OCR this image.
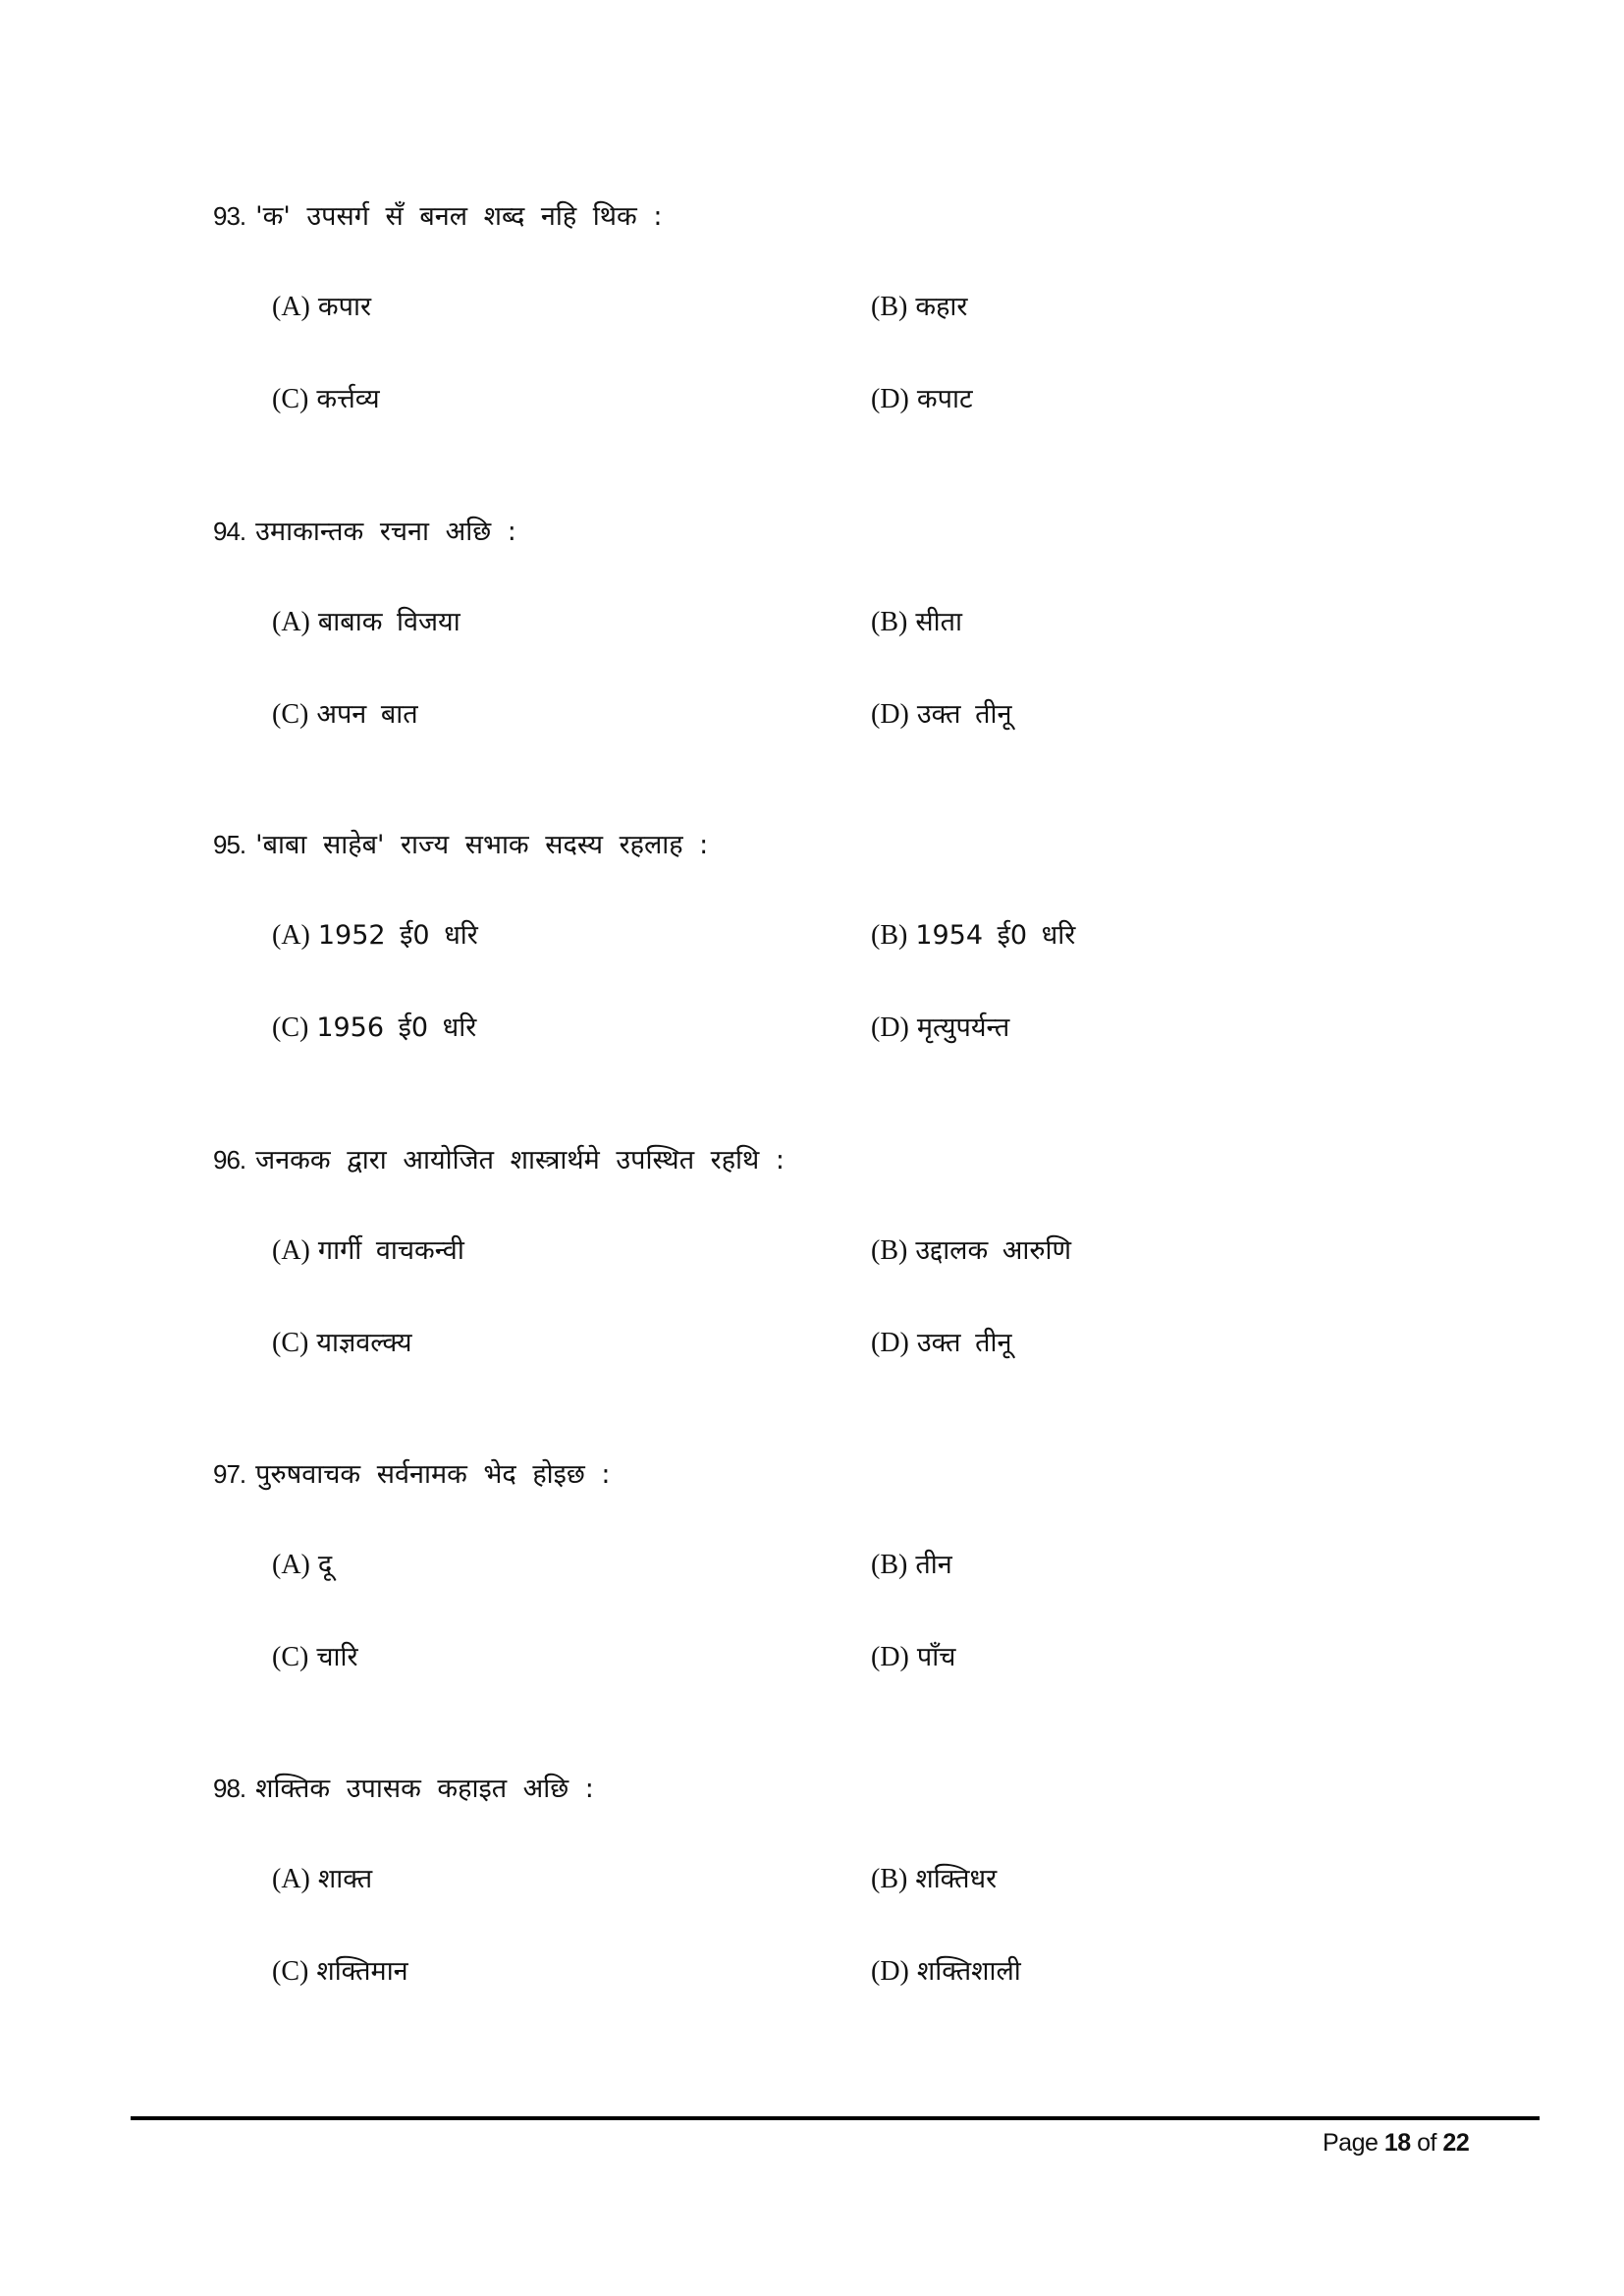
93. 'क' उपसर्ग सँ बनल शब्द नहि थिक :
(A) कपार	(B) कहार
(C) कर्त्तव्य	(D) कपाट
94. उमाकान्तक रचना अछि :
(A) बाबाक विजया	(B) सीता
(C) अपन बात	(D) उक्त तीनू
95. 'बाबा साहेब' राज्य सभाक सदस्य रहलाह :
(A) 1952 ई0 धरि	(B) 1954 ई0 धरि
(C) 1956 ई0 धरि	(D) मृत्युपर्यन्त
96. जनकक द्वारा आयोजित शास्त्रार्थमे उपस्थित रहथि :
(A) गार्गी वाचकन्वी	(B) उद्दालक आरुणि
(C) याज्ञवल्क्य	(D) उक्त तीनू
97. पुरुषवाचक सर्वनामक भेद होइछ :
(A) दू	(B) तीन
(C) चारि	(D) पाँच
98. शक्तिक उपासक कहाइत अछि :
(A) शाक्त	(B) शक्तिधर
(C) शक्तिमान	(D) शक्तिशाली
Page 18 of 22
